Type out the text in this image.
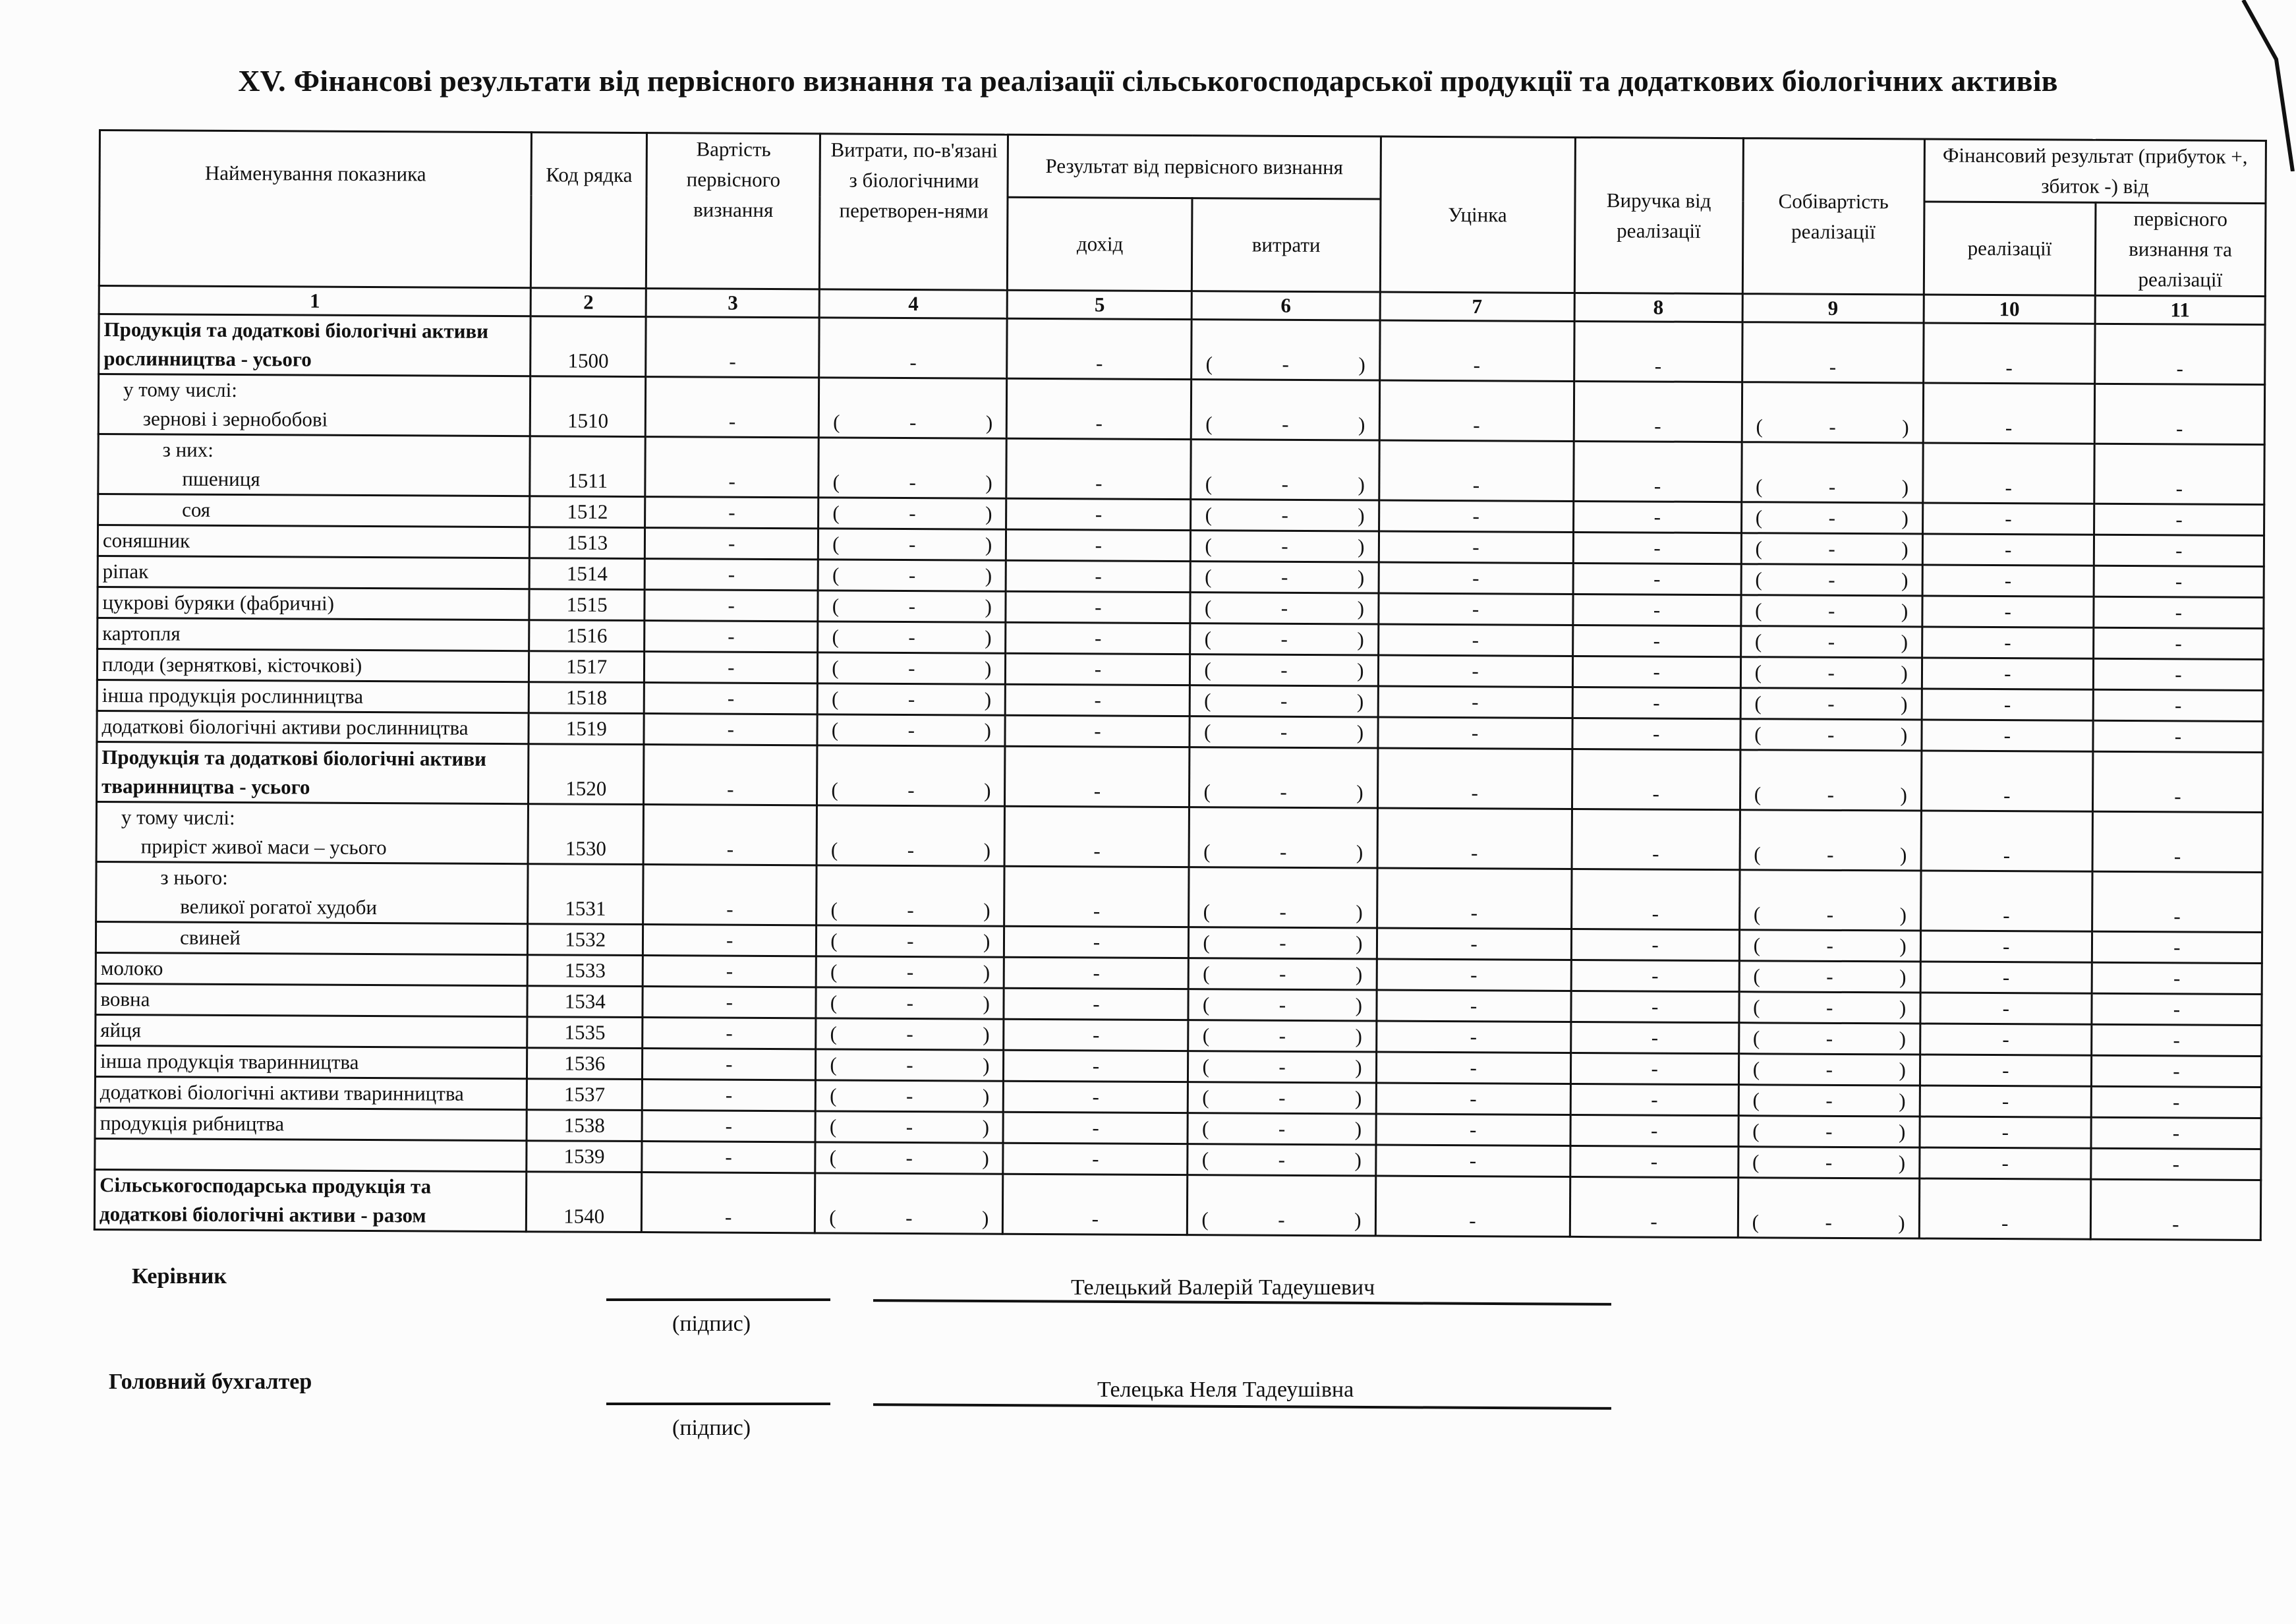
XV. Фінансові результати від первісного визнання та реалізації сільськогосподарської продукції та додаткових біологічних активів
Найменування показника	Код рядка	Вартість первісного визнання	Витрати, по-в'язані з біологічними перетворен-нями	Результат від первісного визнання		Уцінка	Виручка від реалізації	Собівартість реалізації	Фінансовий результат (прибуток +, збиток -) від	
				дохід	витрати				реалізації	первісного визнання та реалізації
1	2	3	4	5	6	7	8	9	10	11
Продукція та додаткові біологічні активи рослинництва - усього	1500	-	-	-	( - )	-	-	-	-	-

у тому числі:
зернові і зернобобові	1510	-	( - )	-	( - )	-	-	( - )	-	-

з них:
пшениця	1511	-	( - )	-	( - )	-	-	( - )	-	-

соя	1512	-	( - )	-	( - )	-	-	( - )	-	-
соняшник	1513	-	( - )	-	( - )	-	-	( - )	-	-
ріпак	1514	-	( - )	-	( - )	-	-	( - )	-	-
цукрові буряки (фабричні)	1515	-	( - )	-	( - )	-	-	( - )	-	-
картопля	1516	-	( - )	-	( - )	-	-	( - )	-	-
плоди (зерняткові, кісточкові)	1517	-	( - )	-	( - )	-	-	( - )	-	-
інша продукція рослинництва	1518	-	( - )	-	( - )	-	-	( - )	-	-
додаткові біологічні активи рослинництва	1519	-	( - )	-	( - )	-	-	( - )	-	-
Продукція та додаткові біологічні активи тваринництва - усього	1520	-	( - )	-	( - )	-	-	( - )	-	-

у тому числі:
приріст живої маси – усього	1530	-	( - )	-	( - )	-	-	( - )	-	-

з нього:
великої рогатої худоби	1531	-	( - )	-	( - )	-	-	( - )	-	-

свиней	1532	-	( - )	-	( - )	-	-	( - )	-	-
молоко	1533	-	( - )	-	( - )	-	-	( - )	-	-
вовна	1534	-	( - )	-	( - )	-	-	( - )	-	-
яйця	1535	-	( - )	-	( - )	-	-	( - )	-	-
інша продукція тваринництва	1536	-	( - )	-	( - )	-	-	( - )	-	-
додаткові біологічні активи тваринництва	1537	-	( - )	-	( - )	-	-	( - )	-	-
продукція рибництва	1538	-	( - )	-	( - )	-	-	( - )	-	-
	1539	-	( - )	-	( - )	-	-	( - )	-	-
Сільськогосподарська продукція та додаткові біологічні активи - разом	1540	-	( - )	-	( - )	-	-	( - )	-	-
Керівник	Телецький Валерій Тадеушевич
(підпис)
Головний бухгалтер	Телецька Неля Тадеушівна
(підпис)
